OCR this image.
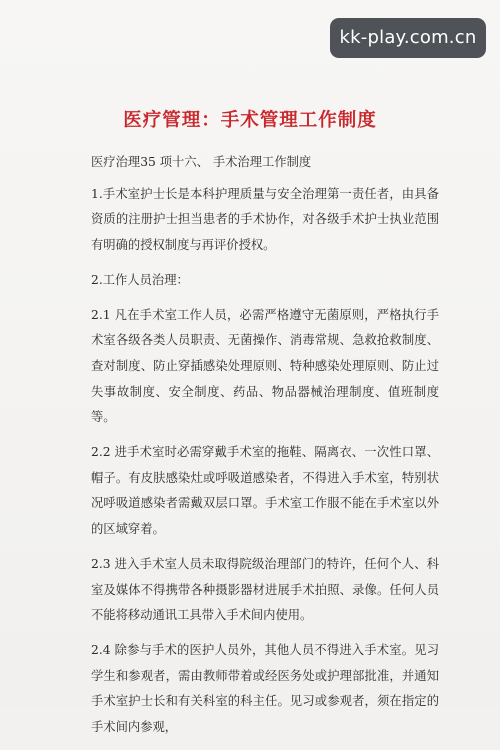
kk-play.com.cn
医疗管理：手术管理工作制度

医疗治理35 项十六、 手术治理工作制度

1.手术室护士长是本科护理质量与安全治理第一责任者，由具备资质的注册护士担当患者的手术协作，对各级手术护士执业范围有明确的授权制度与再评价授权。

2.工作人员治理：

2.1 凡在手术室工作人员，必需严格遵守无菌原则，严格执行手术室各级各类人员职责、无菌操作、消毒常规、急救抢救制度、查对制度、防止穿插感染处理原则、特种感染处理原则、防止过失事故制度、安全制度、药品、物品器械治理制度、值班制度等。

2.2 进手术室时必需穿戴手术室的拖鞋、隔离衣、一次性口罩、帽子。有皮肤感染灶或呼吸道感染者，不得进入手术室，特别状况呼吸道感染者需戴双层口罩。手术室工作服不能在手术室以外的区域穿着。

2.3 进入手术室人员未取得院级治理部门的特许，任何个人、科室及媒体不得携带各种摄影器材进展手术拍照、录像。任何人员不能将移动通讯工具带入手术间内使用。

2.4 除参与手术的医护人员外，其他人员不得进入手术室。见习学生和参观者，需由教师带着或经医务处或护理部批准，并通知手术室护士长和有关科室的科主任。见习或参观者，须在指定的手术间内参观，
